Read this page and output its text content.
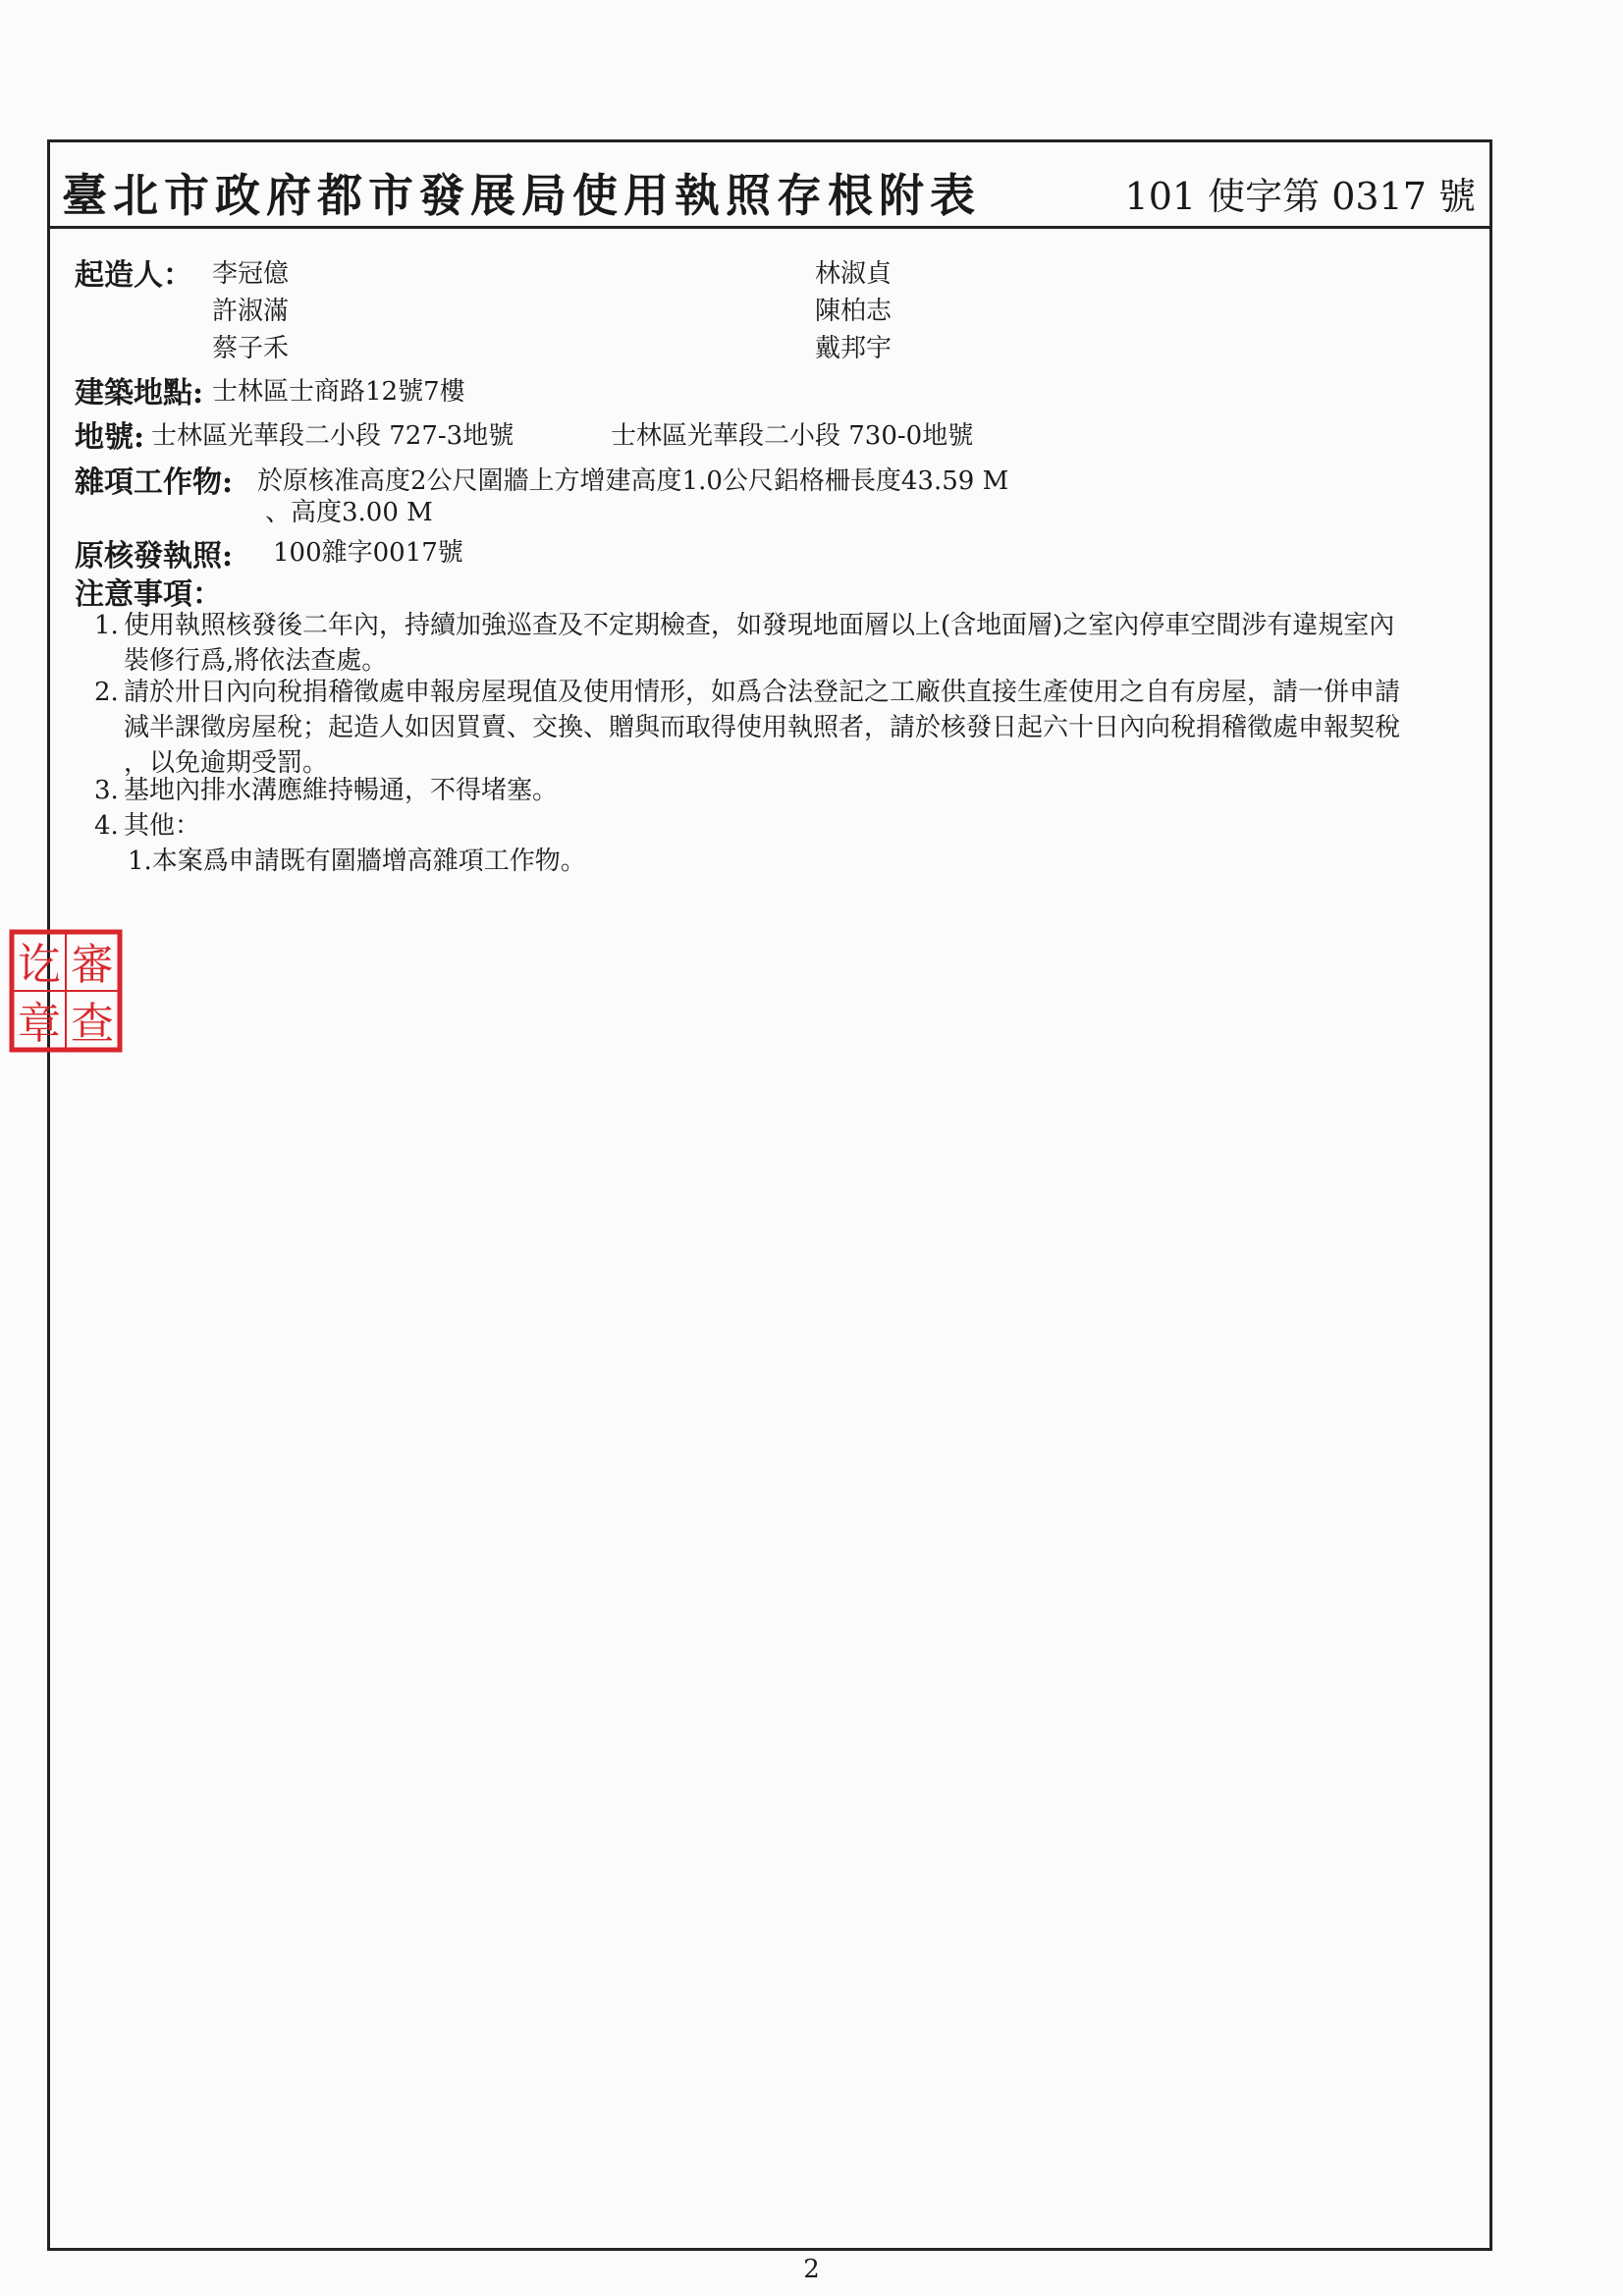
臺北市政府都市發展局使用執照存根附表	101 使字第 0317 號
起造人： 李冠億
許淑滿
蔡子禾
林淑貞
陳柏志
戴邦宇
建築地點: 士林區士商路12號7樓
地號: 士林區光華段二小段 727-3地號	士林區光華段二小段 730-0地號
雜項工作物: 於原核准高度2公尺圍牆上方增建高度1.0公尺鋁格柵長度43.59 M
、高度3.00 M
原核發執照: 100雜字0017號
注意事項：
1. 使用執照核發後二年內，持續加強巡查及不定期檢查，如發現地面層以上(含地面層)之室內停車空間涉有違規室內
裝修行爲,將依法查處。
2. 請於卅日內向稅捐稽徵處申報房屋現值及使用情形，如爲合法登記之工廠供直接生產使用之自有房屋，請一併申請
減半課徵房屋稅；起造人如因買賣、交換、贈與而取得使用執照者，請於核發日起六十日內向稅捐稽徵處申報契稅
，以免逾期受罰。
3. 基地內排水溝應維持暢通，不得堵塞。
4. 其他：
1.本案爲申請既有圍牆增高雜項工作物。
審
查
讫
章
2
